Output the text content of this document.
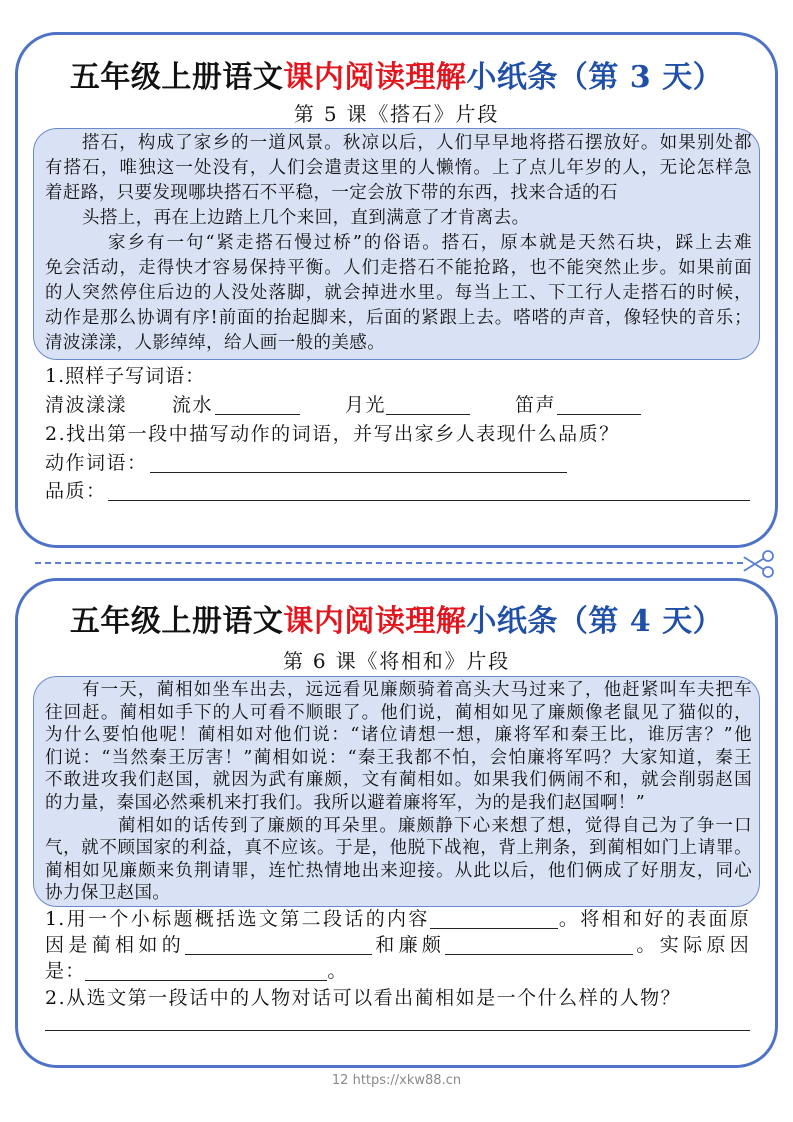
五年级上册语文课内阅读理解小纸条（第 3 天）
第 5 课《搭石》片段
搭石，构成了家乡的一道风景。秋凉以后，人们早早地将搭石摆放好。如果别处都
有搭石，唯独这一处没有，人们会遣责这里的人懒惰。上了点儿年岁的人，无论怎样急
着赶路，只要发现哪块搭石不平稳，一定会放下带的东西，找来合适的石
头搭上，再在上边踏上几个来回，直到满意了才肯离去。
家乡有一句“紧走搭石慢过桥”的俗语。搭石，原本就是天然石块，踩上去难
免会活动，走得快才容易保持平衡。人们走搭石不能抢路，也不能突然止步。如果前面
的人突然停住后边的人没处落脚，就会掉进水里。每当上工、下工行人走搭石的时候，
动作是那么协调有序!前面的抬起脚来，后面的紧跟上去。嗒嗒的声音，像轻快的音乐；
清波漾漾，人影绰绰，给人画一般的美感。
1.照样子写词语：
清波漾漾 流水	月光	笛声
2.找出第一段中描写动作的词语，并写出家乡人表现什么品质？
动作词语：
品质：
五年级上册语文课内阅读理解小纸条（第 4 天）
第 6 课《将相和》片段
有一天，蔺相如坐车出去，远远看见廉颇骑着高头大马过来了，他赶紧叫车夫把车
往回赶。蔺相如手下的人可看不顺眼了。他们说，蔺相如见了廉颇像老鼠见了猫似的，
为什么要怕他呢！蔺相如对他们说：“诸位请想一想，廉将军和秦王比，谁厉害？”他
们说：“当然秦王厉害！”蔺相如说：“秦王我都不怕，会怕廉将军吗？大家知道，秦王
不敢进攻我们赵国，就因为武有廉颇，文有蔺相如。如果我们俩闹不和，就会削弱赵国
的力量，秦国必然乘机来打我们。我所以避着廉将军，为的是我们赵国啊！”
蔺相如的话传到了廉颇的耳朵里。廉颇静下心来想了想，觉得自己为了争一口
气，就不顾国家的利益，真不应该。于是，他脱下战袍，背上荆条，到蔺相如门上请罪。
蔺相如见廉颇来负荆请罪，连忙热情地出来迎接。从此以后，他们俩成了好朋友，同心
协力保卫赵国。
1.用一个小标题概括选文第二段话的内容	。将相和好的表面原
因是蔺相如的	和廉颇	。实际原因
是：	。
2.从选文第一段话中的人物对话可以看出蔺相如是一个什么样的人物？
12 https://xkw88.cn
